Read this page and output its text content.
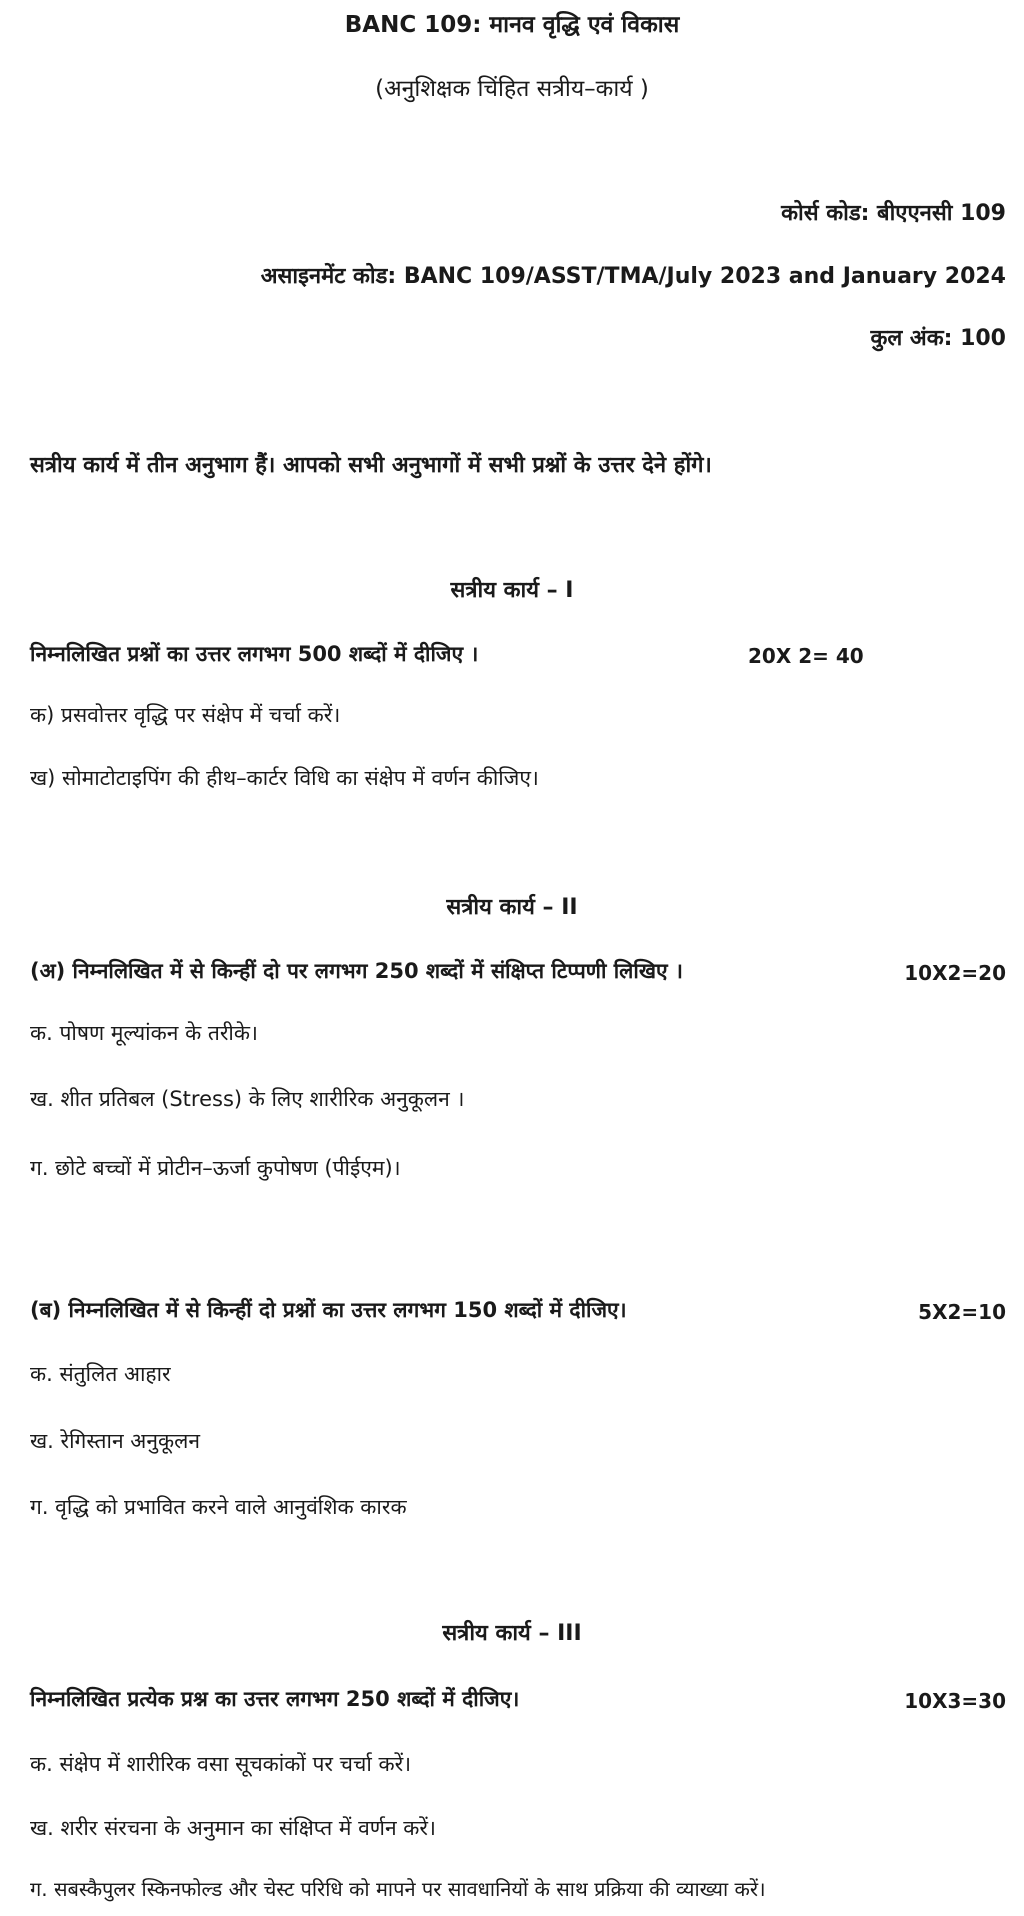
BANC 109: मानव वृद्धि एवं विकास
(अनुशिक्षक चिंहित सत्रीय–कार्य )
कोर्स कोड: बीएएनसी 109
असाइनमेंट कोड: BANC 109/ASST/TMA/July 2023 and January 2024
कुल अंक: 100
सत्रीय कार्य में तीन अनुभाग हैं। आपको सभी अनुभागों में सभी प्रश्नों के उत्तर देने होंगे।
सत्रीय कार्य – I
निम्नलिखित प्रश्नों का उत्तर लगभग 500 शब्दों में दीजिए ।	20X 2= 40
क) प्रसवोत्तर वृद्धि पर संक्षेप में चर्चा करें।
ख) सोमाटोटाइपिंग की हीथ–कार्टर विधि का संक्षेप में वर्णन कीजिए।
सत्रीय कार्य – II
(अ) निम्नलिखित में से किन्हीं दो पर लगभग 250 शब्दों में संक्षिप्त टिप्पणी लिखिए ।	10X2=20
क. पोषण मूल्यांकन के तरीके।
ख. शीत प्रतिबल (Stress) के लिए शारीरिक अनुकूलन ।
ग. छोटे बच्चों में प्रोटीन–ऊर्जा कुपोषण (पीईएम)।
(ब) निम्नलिखित में से किन्हीं दो प्रश्नों का उत्तर लगभग 150 शब्दों में दीजिए।	5X2=10
क. संतुलित आहार
ख. रेगिस्तान अनुकूलन
ग. वृद्धि को प्रभावित करने वाले आनुवंशिक कारक
सत्रीय कार्य – III
निम्नलिखित प्रत्येक प्रश्न का उत्तर लगभग 250 शब्दों में दीजिए।	10X3=30
क. संक्षेप में शारीरिक वसा सूचकांकों पर चर्चा करें।
ख. शरीर संरचना के अनुमान का संक्षिप्त में वर्णन करें।
ग. सबस्कैपुलर स्किनफोल्ड और चेस्ट परिधि को मापने पर सावधानियों के साथ प्रक्रिया की व्याख्या करें।
